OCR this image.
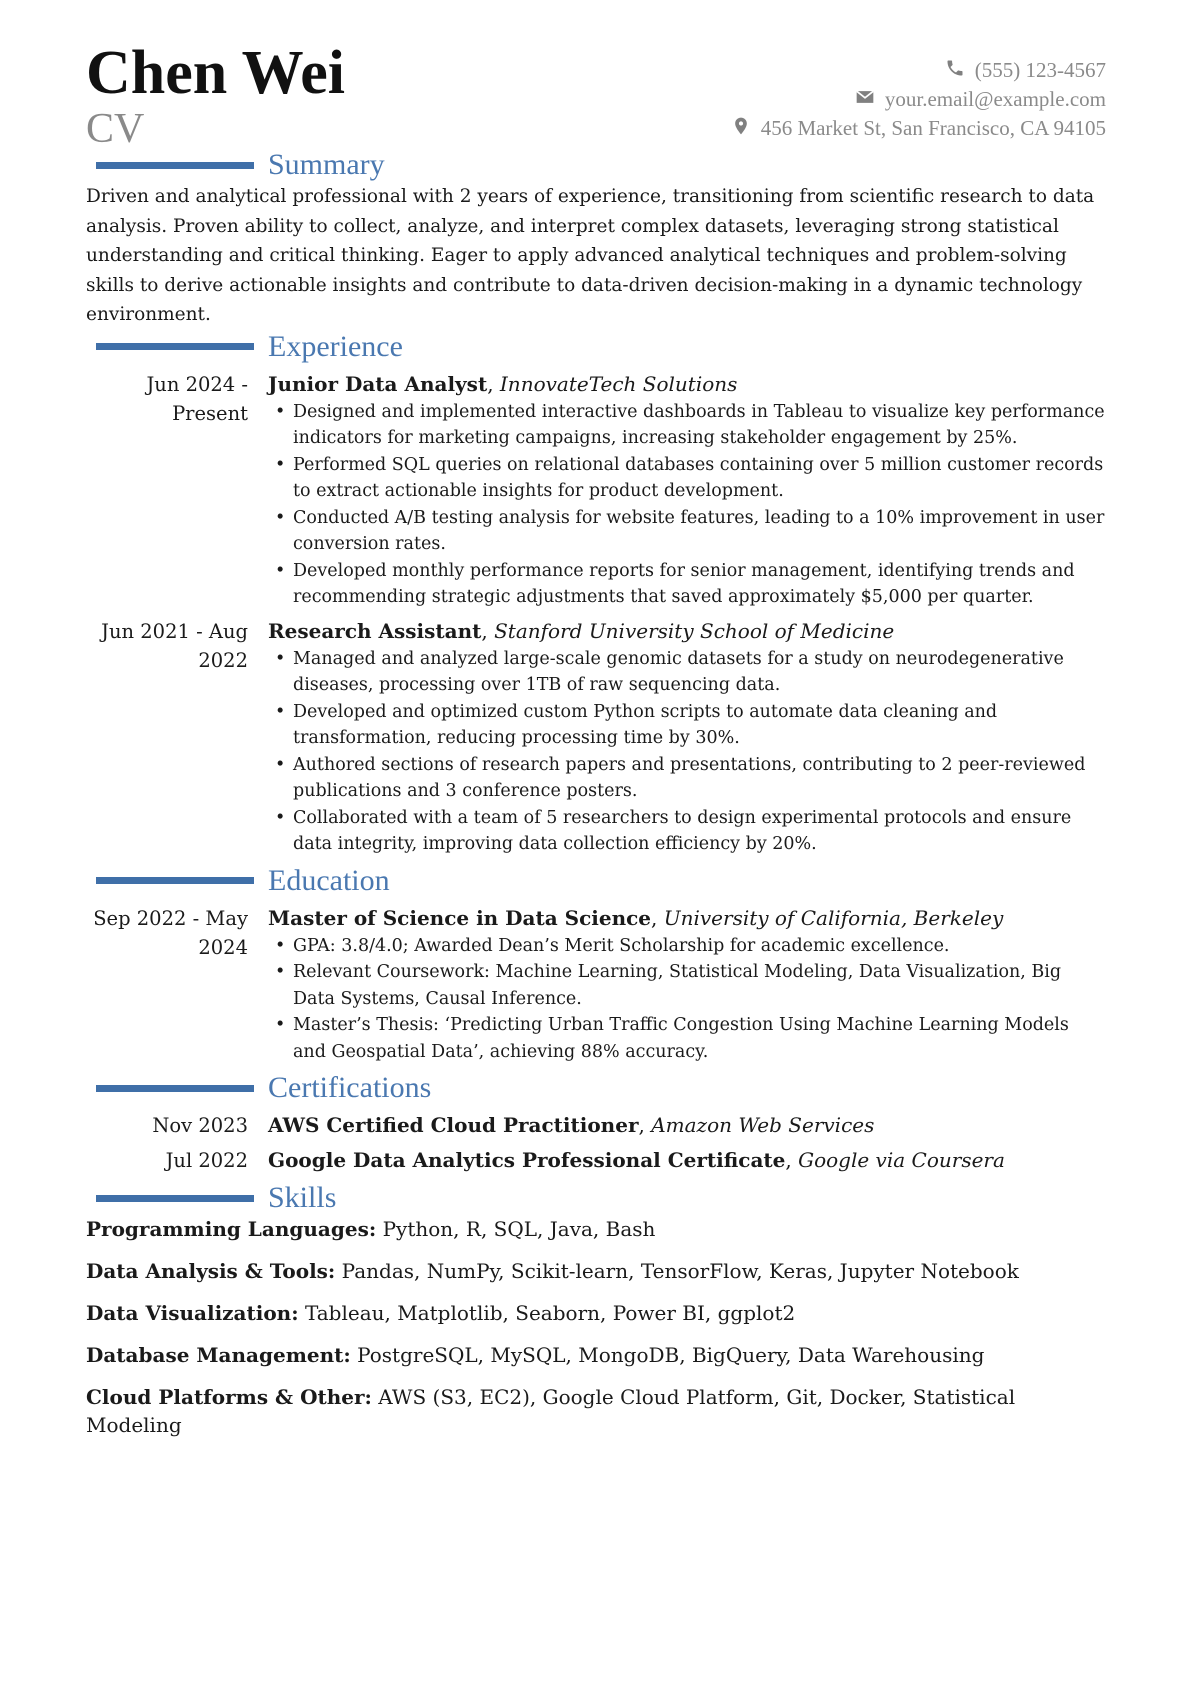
Chen Wei
CV
(555) 123-4567
your.email@example.com
456 Market St, San Francisco, CA 94105
Summary

Driven and analytical professional with 2 years of experience, transitioning from scientific research to data analysis. Proven ability to collect, analyze, and interpret complex datasets, leveraging strong statistical understanding and critical thinking. Eager to apply advanced analytical techniques and problem-solving skills to derive actionable insights and contribute to data-driven decision-making in a dynamic technology environment.

Experience
Jun 2024 - Present
Junior Data Analyst, InnovateTech Solutions
• Designed and implemented interactive dashboards in Tableau to visualize key performance indicators for marketing campaigns, increasing stakeholder engagement by 25%.
• Performed SQL queries on relational databases containing over 5 million customer records to extract actionable insights for product development.
• Conducted A/B testing analysis for website features, leading to a 10% improvement in user conversion rates.
• Developed monthly performance reports for senior management, identifying trends and recommending strategic adjustments that saved approximately $5,000 per quarter.
Jun 2021 - Aug 2022
Research Assistant, Stanford University School of Medicine
• Managed and analyzed large-scale genomic datasets for a study on neurodegenerative diseases, processing over 1TB of raw sequencing data.
• Developed and optimized custom Python scripts to automate data cleaning and transformation, reducing processing time by 30%.
• Authored sections of research papers and presentations, contributing to 2 peer-reviewed publications and 3 conference posters.
• Collaborated with a team of 5 researchers to design experimental protocols and ensure data integrity, improving data collection efficiency by 20%.
Education
Sep 2022 - May 2024
Master of Science in Data Science, University of California, Berkeley
• GPA: 3.8/4.0; Awarded Dean’s Merit Scholarship for academic excellence.
• Relevant Coursework: Machine Learning, Statistical Modeling, Data Visualization, Big Data Systems, Causal Inference.
• Master’s Thesis: ‘Predicting Urban Traffic Congestion Using Machine Learning Models and Geospatial Data’, achieving 88% accuracy.
Certifications
Nov 2023	AWS Certified Cloud Practitioner, Amazon Web Services
Jul 2022	Google Data Analytics Professional Certificate, Google via Coursera
Skills
Programming Languages: Python, R, SQL, Java, Bash
Data Analysis & Tools: Pandas, NumPy, Scikit-learn, TensorFlow, Keras, Jupyter Notebook
Data Visualization: Tableau, Matplotlib, Seaborn, Power BI, ggplot2
Database Management: PostgreSQL, MySQL, MongoDB, BigQuery, Data Warehousing
Cloud Platforms & Other: AWS (S3, EC2), Google Cloud Platform, Git, Docker, Statistical Modeling
